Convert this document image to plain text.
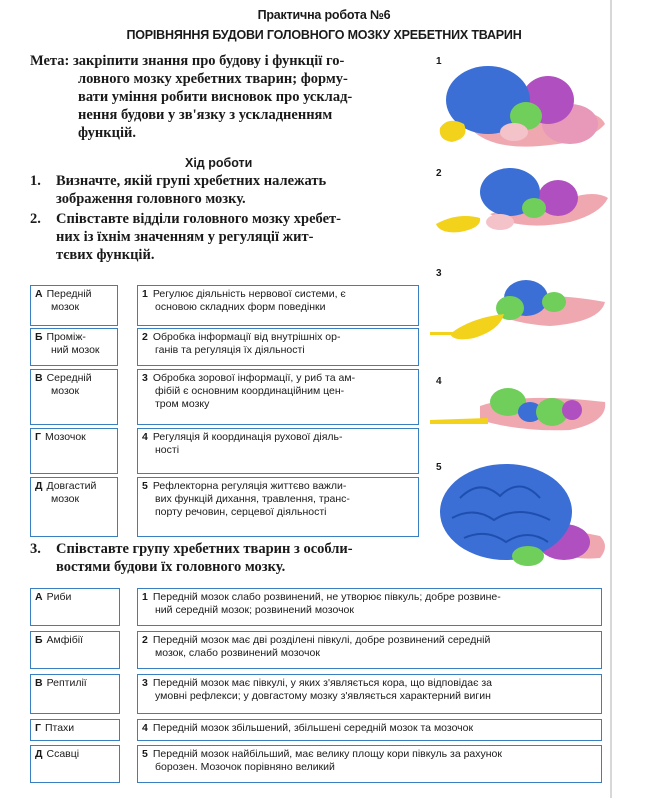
Практична робота №6
ПОРІВНЯННЯ БУДОВИ ГОЛОВНОГО МОЗКУ ХРЕБЕТНИХ ТВАРИН
Мета: закріпити знання про будову і функції го-
ловного мозку хребетних тварин; форму-
вати уміння робити висновок про усклад-
нення будови у зв'язку з ускладненням
функцій.
Хід роботи
1. Визначте, якій групі хребетних належать
зображення головного мозку.
2. Співставте відділи головного мозку хребет-
них із їхнім значенням у регуляції жит-
тєвих функцій.
А Передній
мозок
1 Регулює діяльність нервової системи, є
основою складних форм поведінки
Б Проміж-
ний мозок
2 Обробка інформації від внутрішніх ор-
ганів та регуляція їх діяльності
В Середній
мозок
3 Обробка зорової інформації, у риб та ам-
фібій є основним координаційним цен-
тром мозку
Г Мозочок	4 Регуляція й координація рухової діяль-
ності
Д Довгастий
мозок
5 Рефлекторна регуляція життєво важли-
вих функцій дихання, травлення, транс-
порту речовин, серцевої діяльності
3. Співставте групу хребетних тварин з особли-
востями будови їх головного мозку.
А Риби	1 Передній мозок слабо розвинений, не утворює півкуль; добре розвине-
ний середній мозок; розвинений мозочок
Б Амфібії	2 Передній мозок має дві розділені півкулі, добре розвинений середній
мозок, слабо розвинений мозочок
В Рептилії	3 Передній мозок має півкулі, у яких з'являється кора, що відповідає за
умовні рефлекси; у довгастому мозку з'являється характерний вигин
Г Птахи	4 Передній мозок збільшений, збільшені середній мозок та мозочок
Д Ссавці	5 Передній мозок найбільший, має велику площу кори півкуль за рахунок
борозен. Мозочок порівняно великий
1
2
3
4
5
